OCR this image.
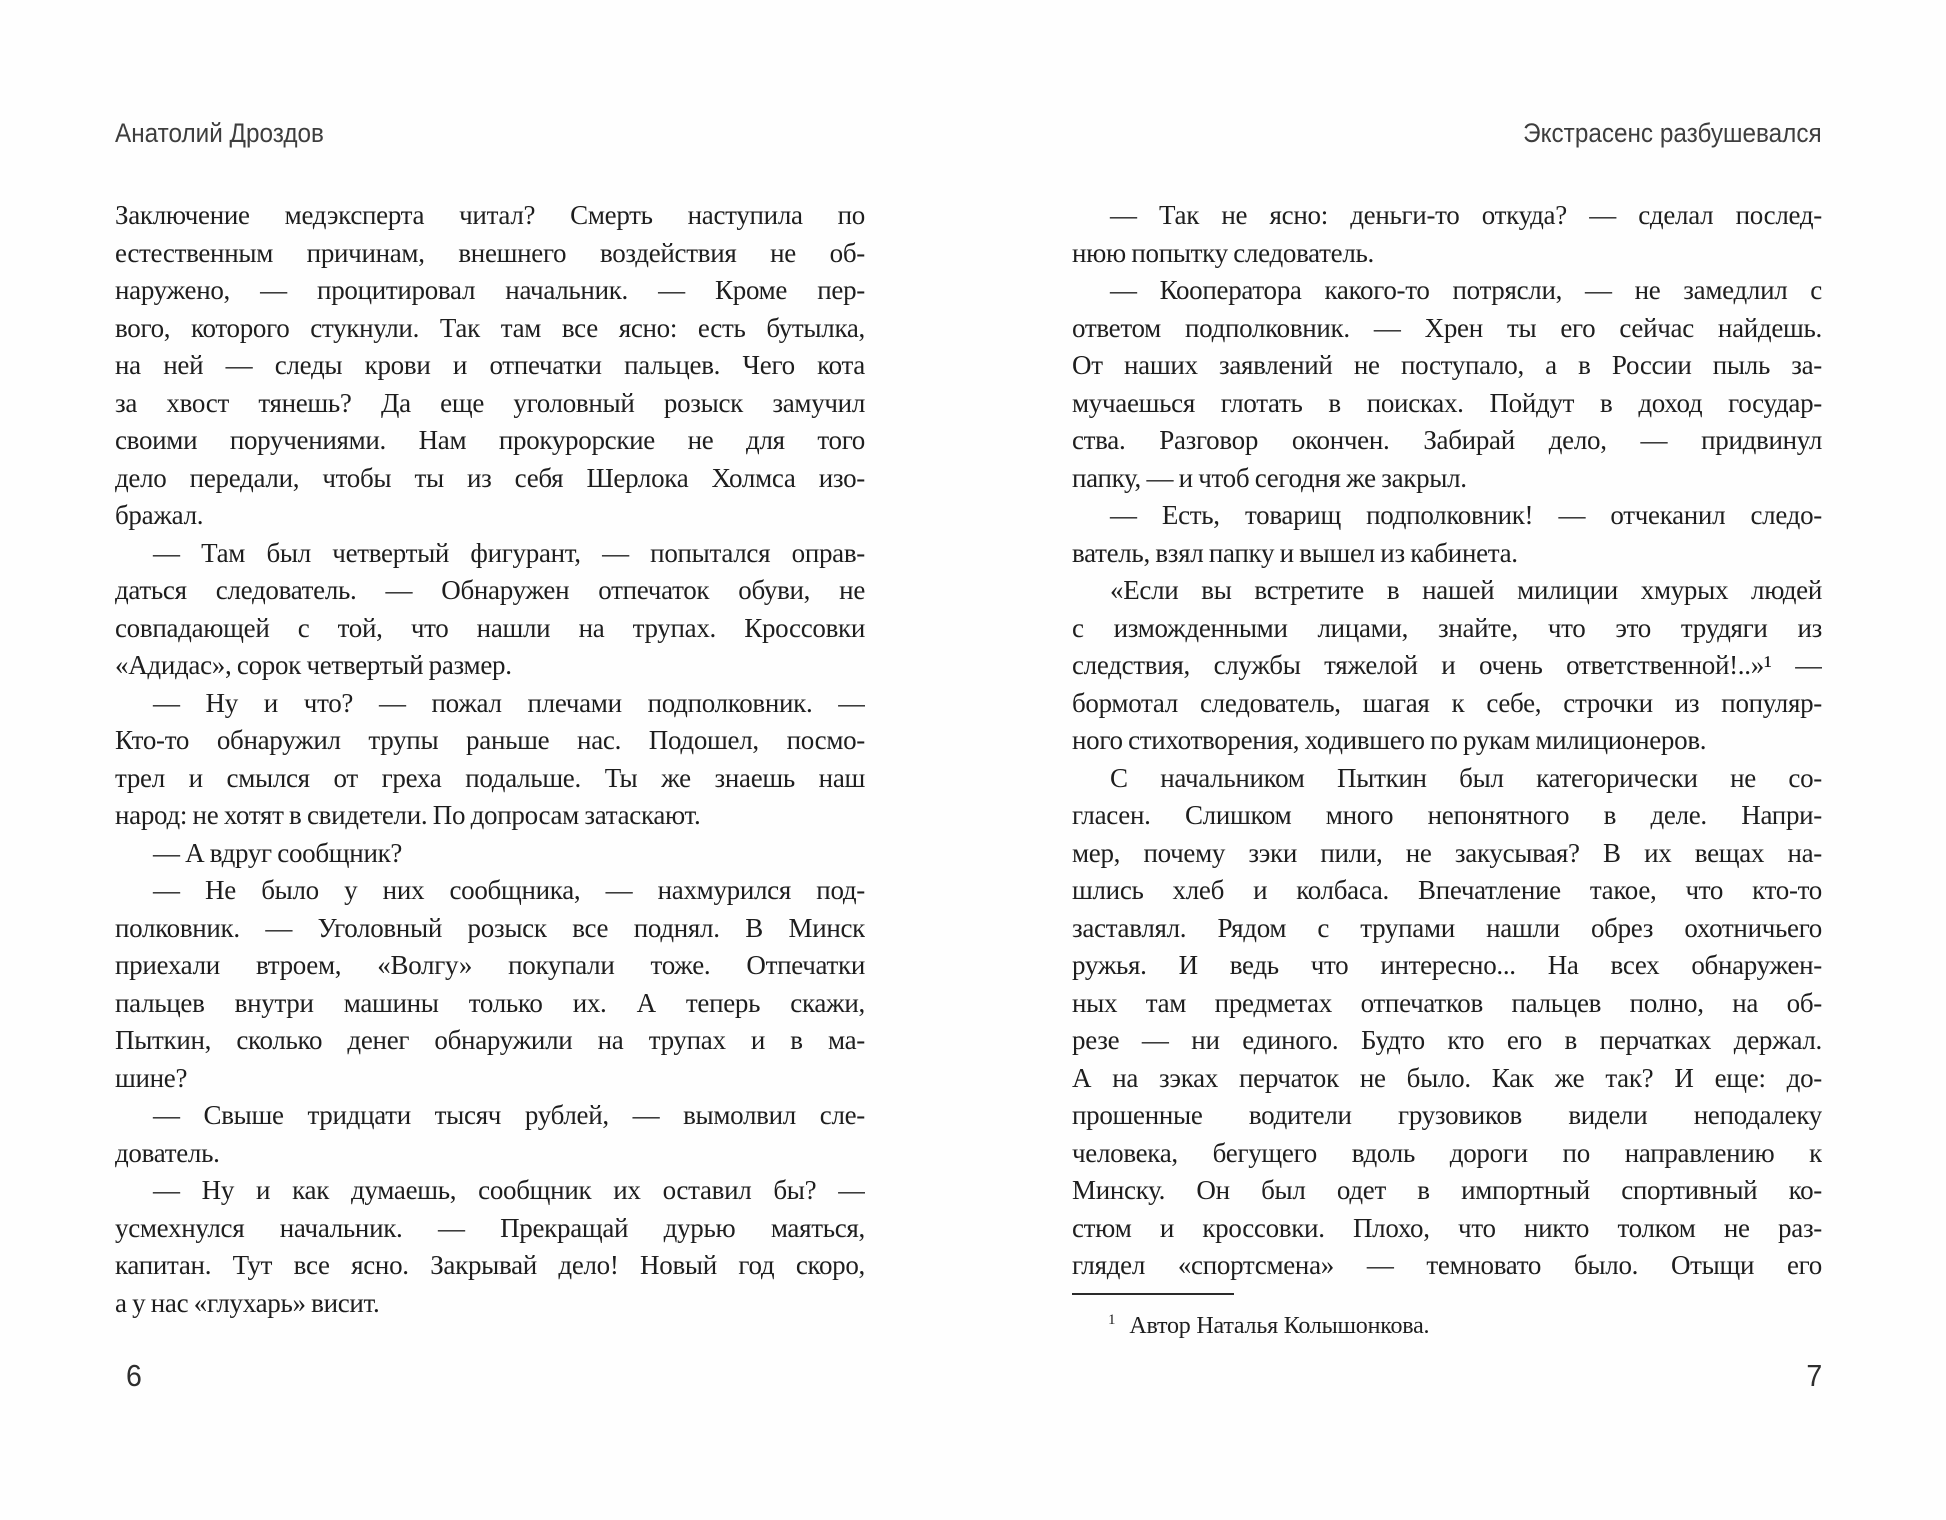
Анатолий Дроздов	Экстрасенс разбушевался
Заключение медэксперта читал? Смерть наступила по
естественным причинам, внешнего воздействия не об-
наружено, — процитировал начальник. — Кроме пер-
вого, которого стукнули. Так там все ясно: есть бутылка,
на ней — следы крови и отпечатки пальцев. Чего кота
за хвост тянешь? Да еще уголовный розыск замучил
своими поручениями. Нам прокурорские не для того
дело передали, чтобы ты из себя Шерлока Холмса изо-
бражал.
— Там был четвертый фигурант, — попытался оправ-
даться следователь. — Обнаружен отпечаток обуви, не
совпадающей с той, что нашли на трупах. Кроссовки
«Адидас», сорок четвертый размер.
— Ну и что? — пожал плечами подполковник. —
Кто-то обнаружил трупы раньше нас. Подошел, посмо-
трел и смылся от греха подальше. Ты же знаешь наш
народ: не хотят в свидетели. По допросам затаскают.
— А вдруг сообщник?
— Не было у них сообщника, — нахмурился под-
полковник. — Уголовный розыск все поднял. В Минск
приехали втроем, «Волгу» покупали тоже. Отпечатки
пальцев внутри машины только их. А теперь скажи,
Пыткин, сколько денег обнаружили на трупах и в ма-
шине?
— Свыше тридцати тысяч рублей, — вымолвил сле-
дователь.
— Ну и как думаешь, сообщник их оставил бы? —
усмехнулся начальник. — Прекращай дурью маяться,
капитан. Тут все ясно. Закрывай дело! Новый год скоро,
а у нас «глухарь» висит.
— Так не ясно: деньги-то откуда? — сделал послед-
нюю попытку следователь.
— Кооператора какого-то потрясли, — не замедлил с
ответом подполковник. — Хрен ты его сейчас найдешь.
От наших заявлений не поступало, а в России пыль за-
мучаешься глотать в поисках. Пойдут в доход государ-
ства. Разговор окончен. Забирай дело, — придвинул
папку, — и чтоб сегодня же закрыл.
— Есть, товарищ подполковник! — отчеканил следо-
ватель, взял папку и вышел из кабинета.
«Если вы встретите в нашей милиции хмурых людей
с изможденными лицами, знайте, что это трудяги из
следствия, службы тяжелой и очень ответственной!..»¹ —
бормотал следователь, шагая к себе, строчки из популяр-
ного стихотворения, ходившего по рукам милиционеров.
С начальником Пыткин был категорически не со-
гласен. Слишком много непонятного в деле. Напри-
мер, почему зэки пили, не закусывая? В их вещах на-
шлись хлеб и колбаса. Впечатление такое, что кто-то
заставлял. Рядом с трупами нашли обрез охотничьего
ружья. И ведь что интересно... На всех обнаружен-
ных там предметах отпечатков пальцев полно, на об-
резе — ни единого. Будто кто его в перчатках держал.
А на зэках перчаток не было. Как же так? И еще: до-
прошенные водители грузовиков видели неподалеку
человека, бегущего вдоль дороги по направлению к
Минску. Он был одет в импортный спортивный ко-
стюм и кроссовки. Плохо, что никто толком не раз-
глядел «спортсмена» — темновато было. Отыщи его
$^1$ Автор Наталья Колышонкова.
6	7
